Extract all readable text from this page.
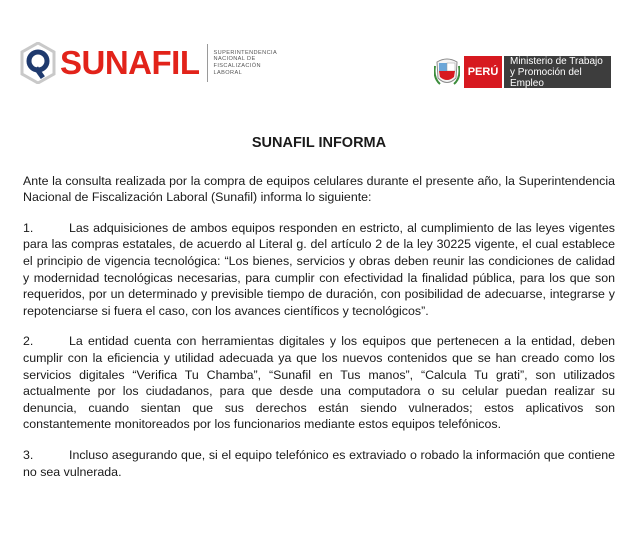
SUNAFIL	SUPERINTENDENCIA
NACIONAL DE
FISCALIZACIÓN
LABORAL	PERÚ
Ministerio de Trabajo
y Promoción del Empleo
SUNAFIL INFORMA

Ante la consulta realizada por la compra de equipos celulares durante el presente año, la Superintendencia Nacional de Fiscalización Laboral (Sunafil) informa lo siguiente:

1.	Las adquisiciones de ambos equipos responden en estricto, al cumplimiento de las leyes vigentes para las compras estatales, de acuerdo al Literal g. del artículo 2 de la ley 30225 vigente, el cual establece el principio de vigencia tecnológica: “Los bienes, servicios y obras deben reunir las condiciones de calidad y modernidad tecnológicas necesarias, para cumplir con efectividad la finalidad pública, para los que son requeridos, por un determinado y previsible tiempo de duración, con posibilidad de adecuarse, integrarse y repotenciarse si fuera el caso, con los avances científicos y tecnológicos”.

2.	La entidad cuenta con herramientas digitales y los equipos que pertenecen a la entidad, deben cumplir con la eficiencia y utilidad adecuada ya que los nuevos contenidos que se han creado como los servicios digitales “Verifica Tu Chamba”, “Sunafil en Tus manos”, “Calcula Tu grati”, son utilizados actualmente por los ciudadanos, para que desde una computadora o su celular puedan realizar su denuncia, cuando sientan que sus derechos están siendo vulnerados; estos aplicativos son constantemente monitoreados por los funcionarios mediante estos equipos telefónicos.

3.	Incluso asegurando que, si el equipo telefónico es extraviado o robado la información que contiene no sea vulnerada.
